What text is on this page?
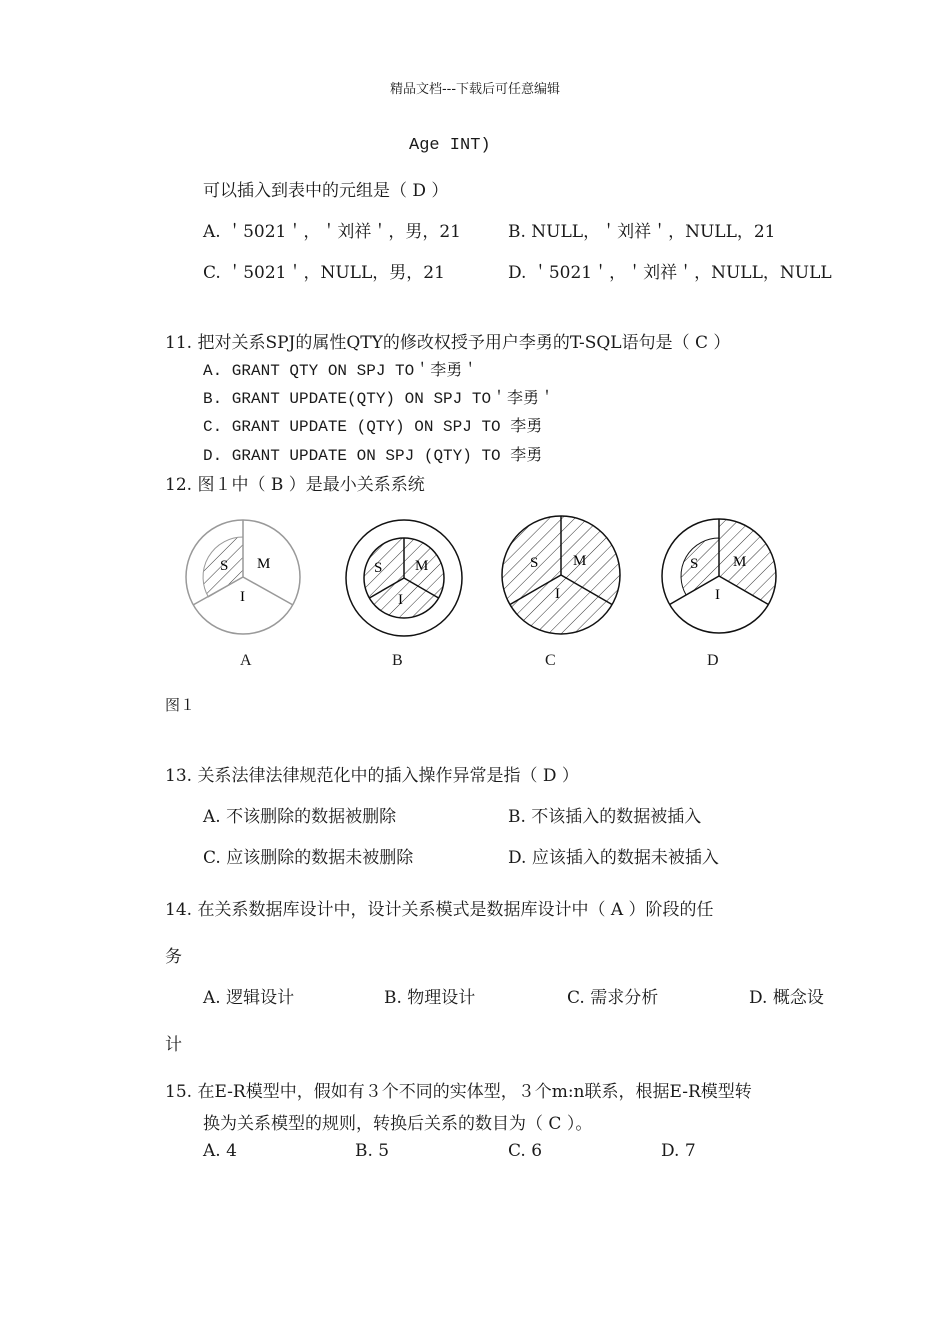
精品文档---下载后可任意编辑
Age INT)
可以插入到表中的元组是（ D ）
A. ＇5021＇，＇刘祥＇，男，21	B. NULL，＇刘祥＇，NULL，21
C. ＇5021＇，NULL，男，21	D. ＇5021＇，＇刘祥＇，NULL，NULL
11. 把对关系SPJ的属性QTY的修改权授予用户李勇的T-SQL语句是（ C ）
A. GRANT QTY ON SPJ TO＇李勇＇
B. GRANT UPDATE(QTY) ON SPJ TO＇李勇＇
C. GRANT UPDATE (QTY) ON SPJ TO 李勇
D. GRANT UPDATE ON SPJ (QTY) TO 李勇
12. 图１中（ B ）是最小关系系统
S M
I
S M
I
S M
I
S M
I
A	B	C	D
图１
13. 关系法律法律规范化中的插入操作异常是指（ D ）
A. 不该删除的数据被删除	B. 不该插入的数据被插入
C. 应该删除的数据未被删除	D. 应该插入的数据未被插入
14. 在关系数据库设计中，设计关系模式是数据库设计中（ A ）阶段的任
务
A. 逻辑设计	B. 物理设计	C. 需求分析	D. 概念设
计
15. 在E-R模型中，假如有３个不同的实体型，３个m:n联系，根据E-R模型转
换为关系模型的规则，转换后关系的数目为（ C ）。
A. 4	B. 5	C. 6	D. 7
